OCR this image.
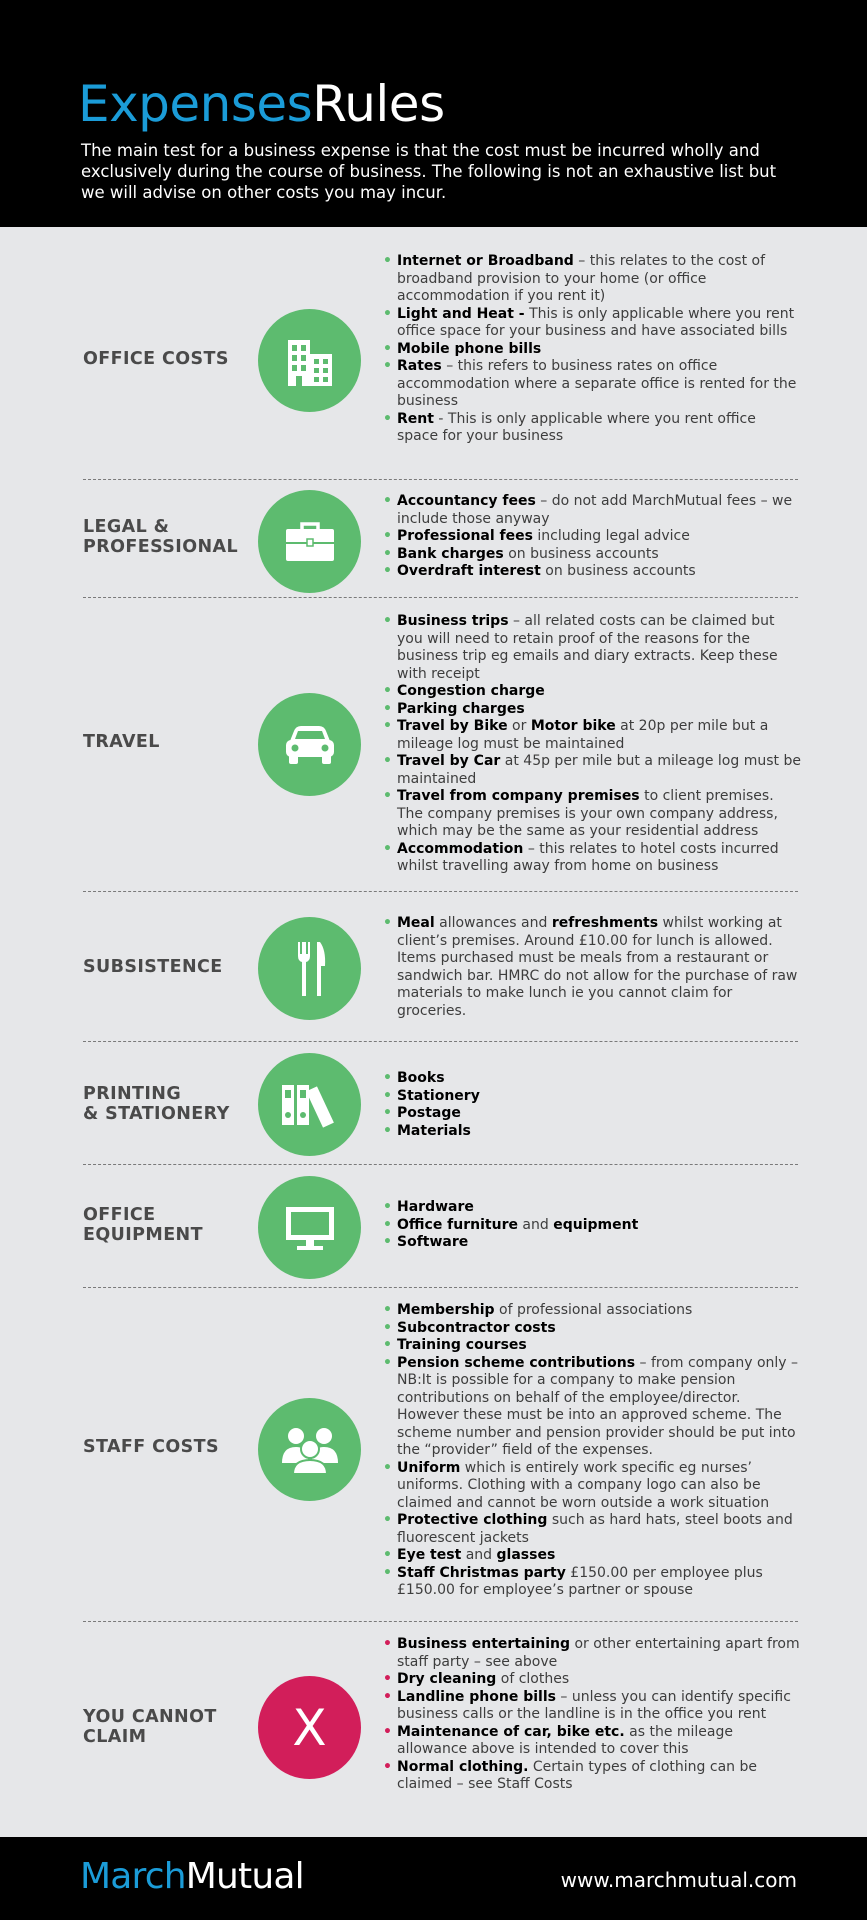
ExpensesRules
The main test for a business expense is that the cost must be incurred wholly and exclusively during the course of business. The following is not an exhaustive list but we will advise on other costs you may incur.
OFFICE COSTS
• Internet or Broadband – this relates to the cost of broadband provision to your home (or office accommodation if you rent it)
• Light and Heat - This is only applicable where you rent office space for your business and have associated bills
• Mobile phone bills
• Rates – this refers to business rates on office accommodation where a separate office is rented for the business
• Rent - This is only applicable where you rent office space for your business
LEGAL &
PROFESSIONAL
• Accountancy fees – do not add MarchMutual fees – we include those anyway
• Professional fees including legal advice
• Bank charges on business accounts
• Overdraft interest on business accounts
TRAVEL
• Business trips – all related costs can be claimed but you will need to retain proof of the reasons for the business trip eg emails and diary extracts. Keep these with receipt
• Congestion charge
• Parking charges
• Travel by Bike or Motor bike at 20p per mile but a mileage log must be maintained
• Travel by Car at 45p per mile but a mileage log must be maintained
• Travel from company premises to client premises. The company premises is your own company address, which may be the same as your residential address
• Accommodation – this relates to hotel costs incurred whilst travelling away from home on business
SUBSISTENCE
• Meal allowances and refreshments whilst working at client’s premises. Around £10.00 for lunch is allowed. Items purchased must be meals from a restaurant or sandwich bar. HMRC do not allow for the purchase of raw materials to make lunch ie you cannot claim for groceries.
PRINTING
& STATIONERY
• Books
• Stationery
• Postage
• Materials
OFFICE
EQUIPMENT
• Hardware
• Office furniture and equipment
• Software
STAFF COSTS
• Membership of professional associations
• Subcontractor costs
• Training courses
• Pension scheme contributions – from company only – NB:It is possible for a company to make pension contributions on behalf of the employee/director. However these must be into an approved scheme. The scheme number and pension provider should be put into the “provider” field of the expenses.
• Uniform which is entirely work specific eg nurses’ uniforms. Clothing with a company logo can also be claimed and cannot be worn outside a work situation
• Protective clothing such as hard hats, steel boots and fluorescent jackets
• Eye test and glasses
• Staff Christmas party £150.00 per employee plus £150.00 for employee’s partner or spouse
YOU CANNOT
CLAIM	X
• Business entertaining or other entertaining apart from staff party – see above
• Dry cleaning of clothes
• Landline phone bills – unless you can identify specific business calls or the landline is in the office you rent
• Maintenance of car, bike etc. as the mileage allowance above is intended to cover this
• Normal clothing. Certain types of clothing can be claimed – see Staff Costs
MarchMutual	www.marchmutual.com
